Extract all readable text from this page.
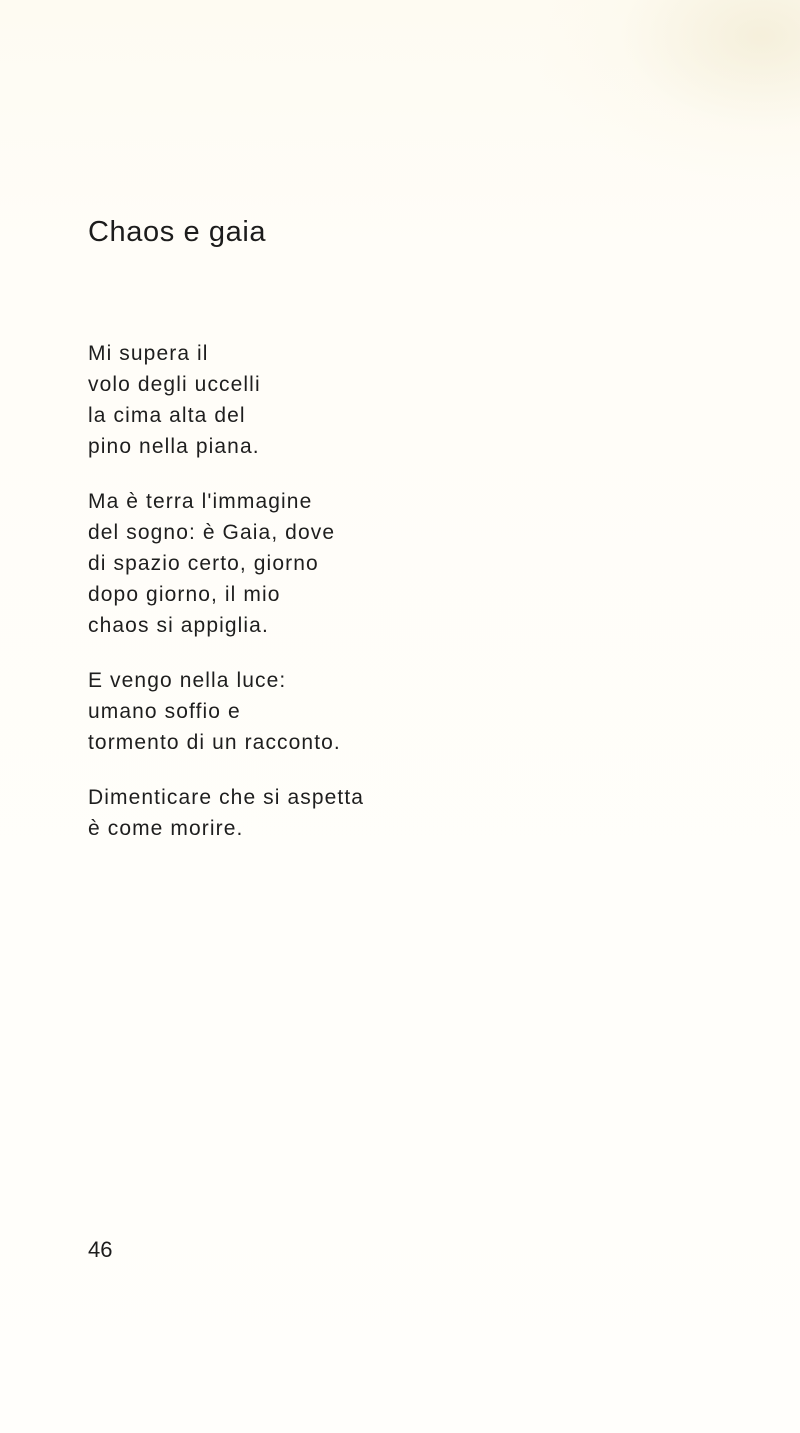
Chaos e gaia
Mi supera il
volo degli uccelli
la cima alta del
pino nella piana.
Ma è terra l'immagine
del sogno: è Gaia, dove
di spazio certo, giorno
dopo giorno, il mio
chaos si appiglia.
E vengo nella luce:
umano soffio e
tormento di un racconto.
Dimenticare che si aspetta
è come morire.
46
